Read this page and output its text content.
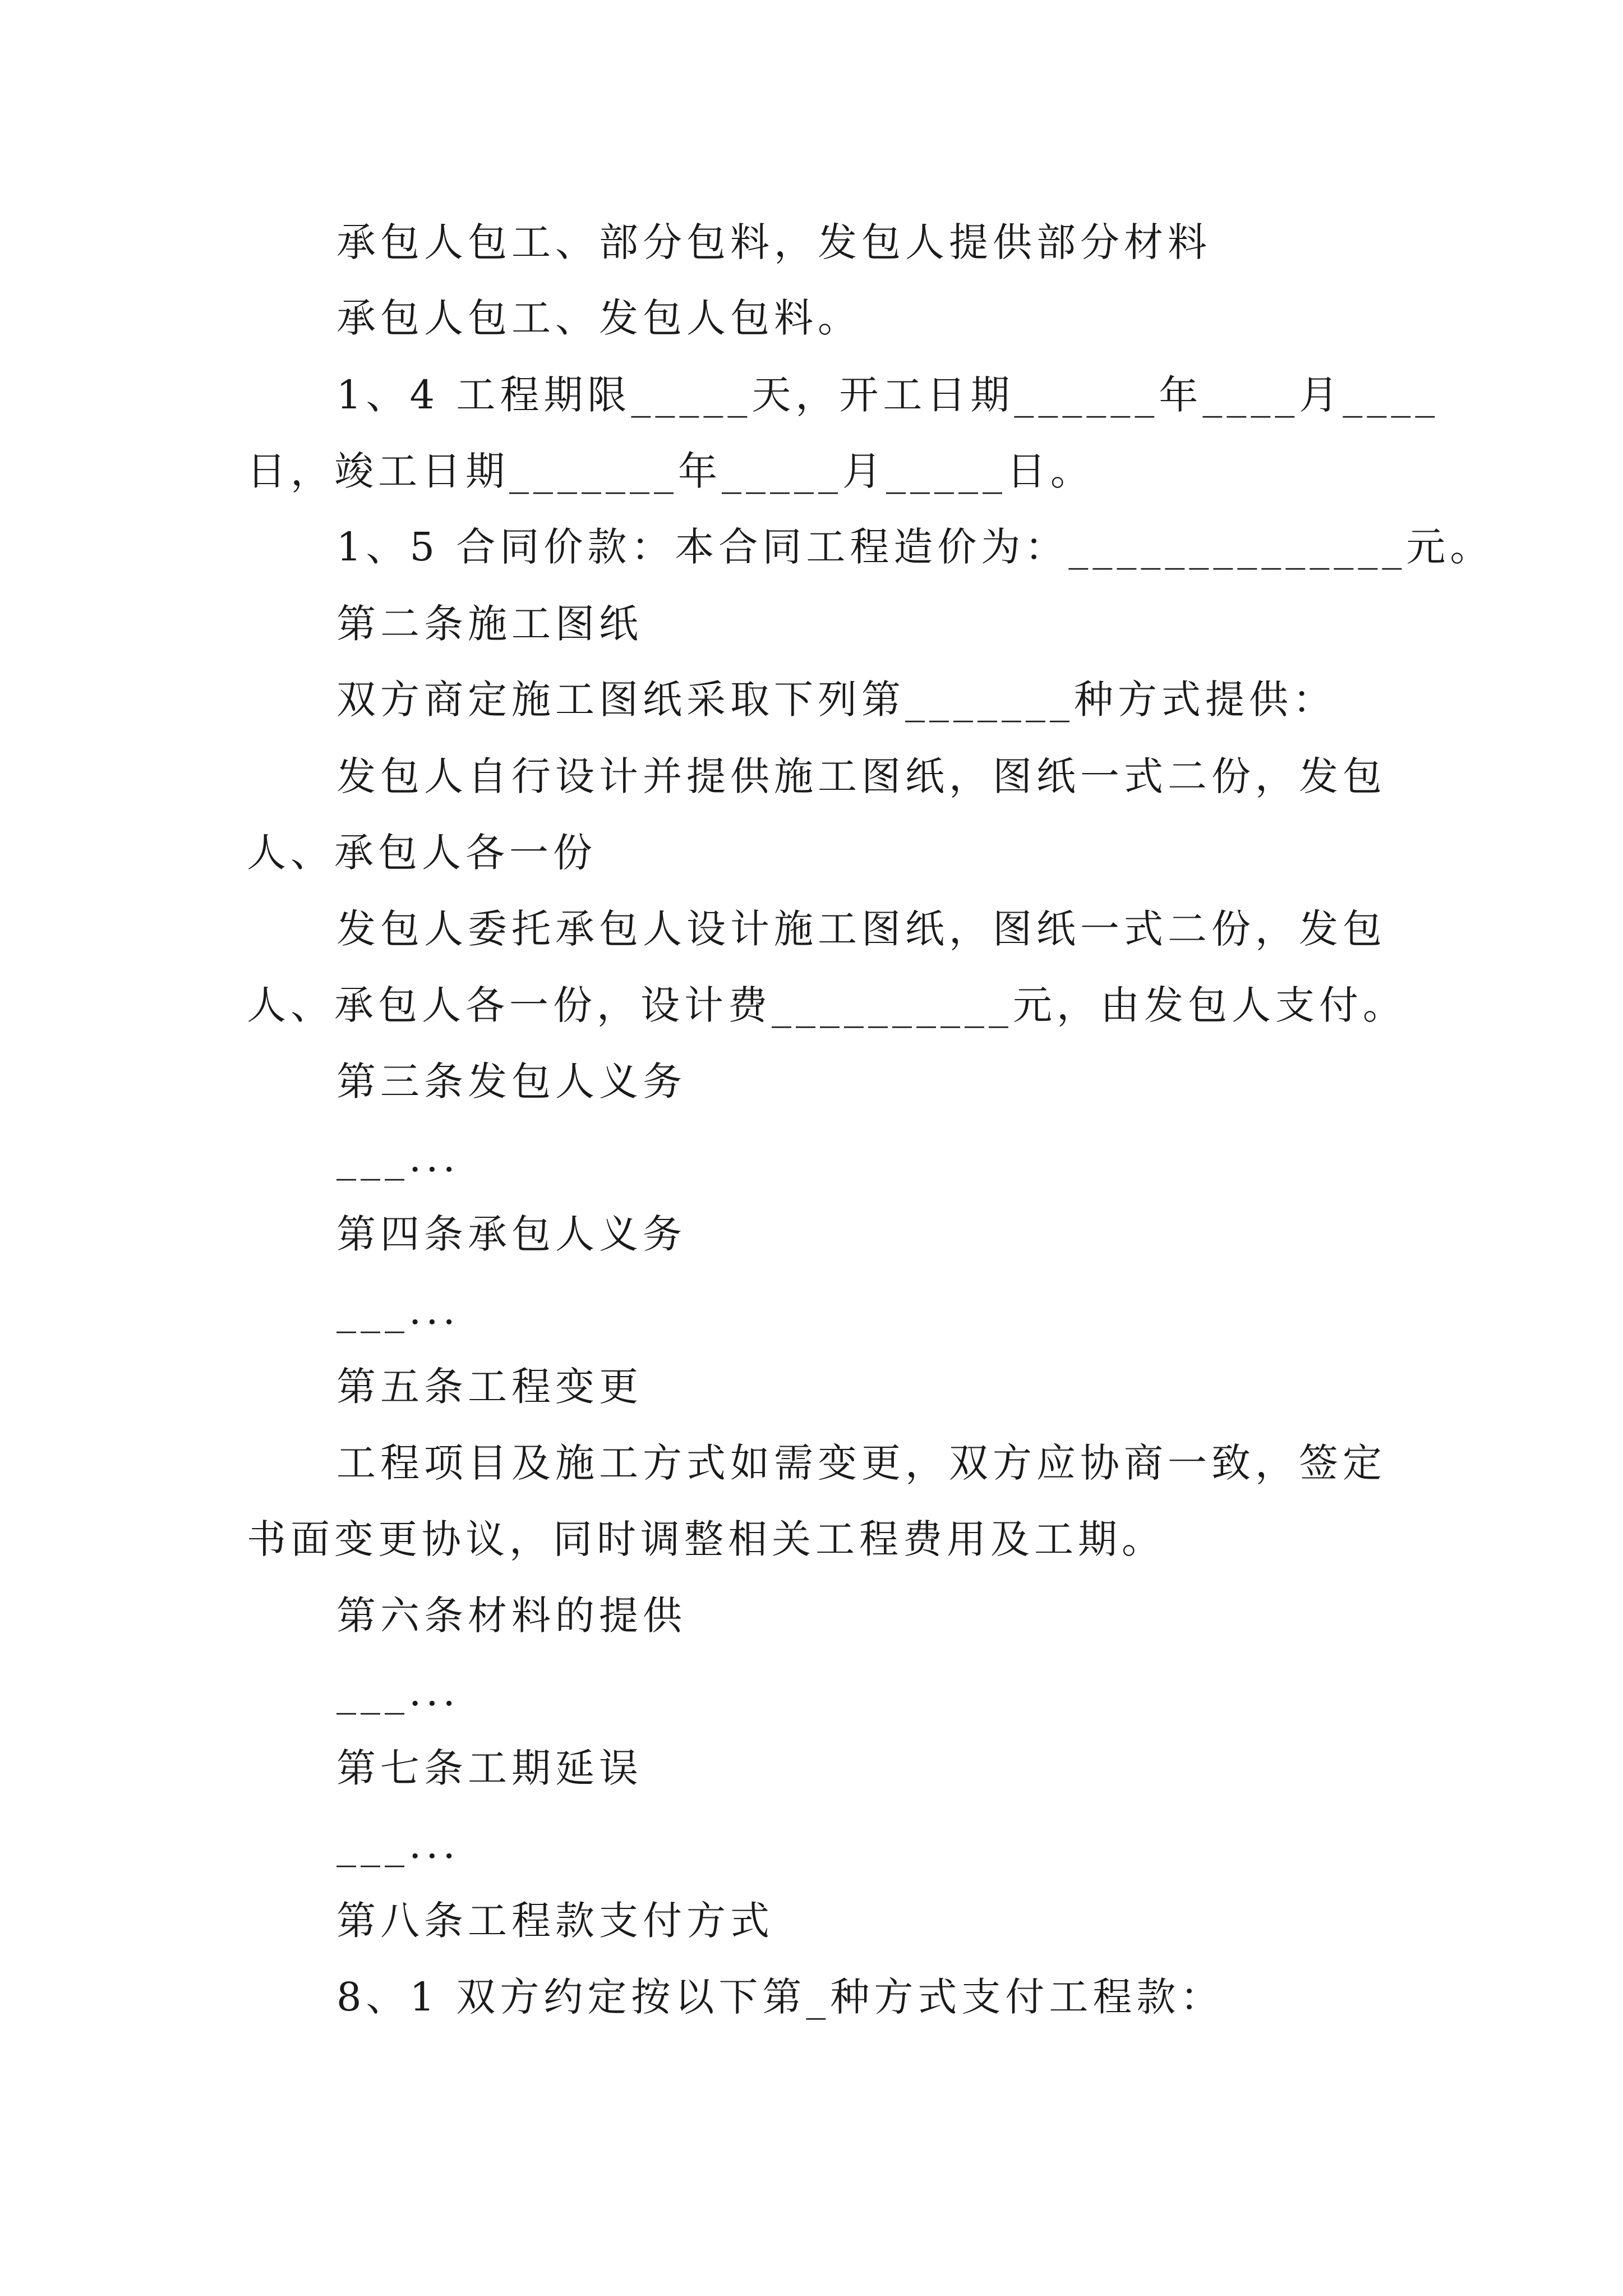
承包人包工、部分包料，发包人提供部分材料
承包人包工、发包人包料。
1、4 工程期限_____天，开工日期______年____月____
日，竣工日期_______年_____月_____日。
1、5 合同价款：本合同工程造价为：______________元。
第二条施工图纸
双方商定施工图纸采取下列第_______种方式提供：
发包人自行设计并提供施工图纸，图纸一式二份，发包
人、承包人各一份
发包人委托承包人设计施工图纸，图纸一式二份，发包
人、承包人各一份，设计费__________元，由发包人支付。
第三条发包人义务
___...
第四条承包人义务
___...
第五条工程变更
工程项目及施工方式如需变更，双方应协商一致，签定
书面变更协议，同时调整相关工程费用及工期。
第六条材料的提供
___...
第七条工期延误
___...
第八条工程款支付方式
8、1 双方约定按以下第_种方式支付工程款：
